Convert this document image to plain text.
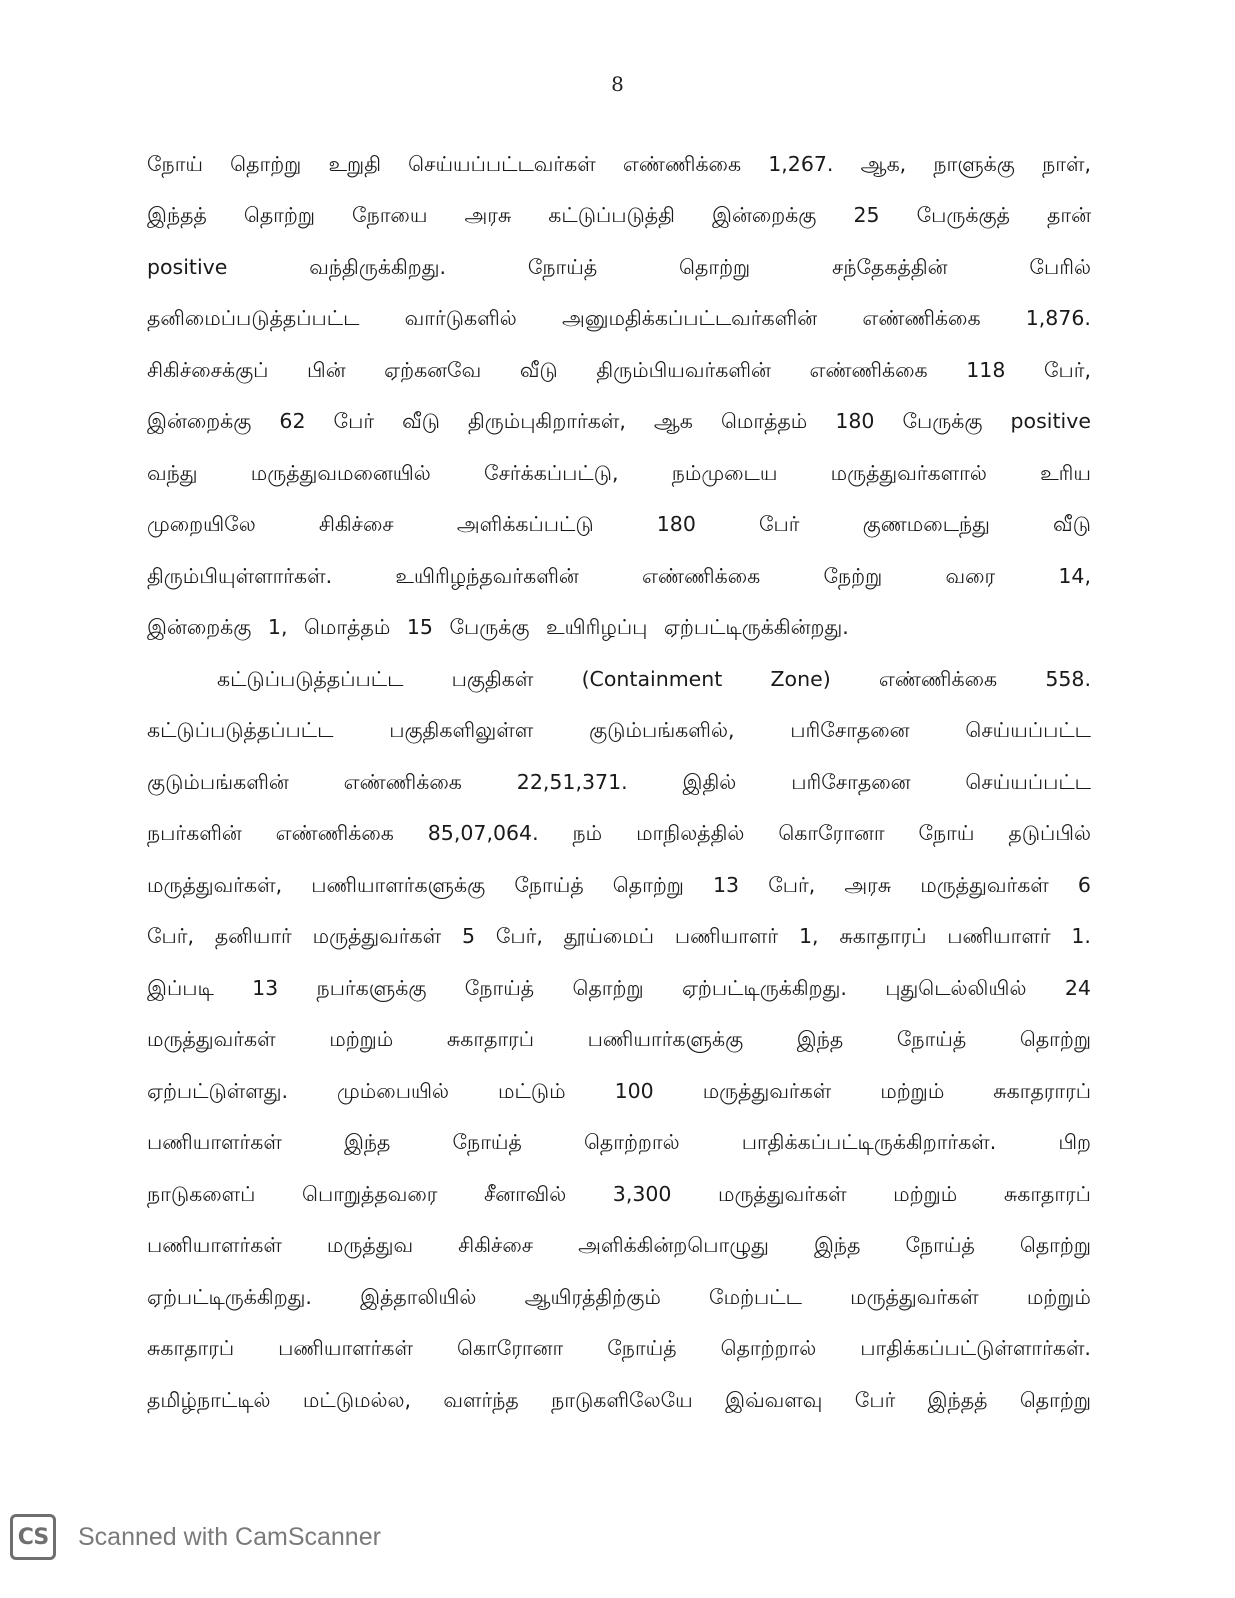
8
நோய் தொற்று உறுதி செய்யப்பட்டவர்கள் எண்ணிக்கை 1,267. ஆக, நாளுக்கு நாள்,
இந்தத் தொற்று நோயை அரசு கட்டுப்படுத்தி இன்றைக்கு 25 பேருக்குத் தான்
positive	வந்திருக்கிறது.	நோய்த்	தொற்று	சந்தேகத்தின்	பேரில்
தனிமைப்படுத்தப்பட்ட வார்டுகளில் அனுமதிக்கப்பட்டவர்களின் எண்ணிக்கை 1,876.
சிகிச்சைக்குப் பின் ஏற்கனவே வீடு திரும்பியவர்களின் எண்ணிக்கை 118 பேர்,
இன்றைக்கு 62 பேர் வீடு திரும்புகிறார்கள், ஆக மொத்தம் 180 பேருக்கு positive
வந்து	மருத்துவமனையில்	சேர்க்கப்பட்டு,	நம்முடைய	மருத்துவர்களால்	உரிய
முறையிலே	சிகிச்சை	அளிக்கப்பட்டு	180	பேர்	குணமடைந்து	வீடு
திரும்பியுள்ளார்கள்.	உயிரிழந்தவர்களின்	எண்ணிக்கை	நேற்று	வரை	14,
இன்றைக்கு 1, மொத்தம் 15 பேருக்கு உயிரிழப்பு ஏற்பட்டிருக்கின்றது.
கட்டுப்படுத்தப்பட்ட பகுதிகள் (Containment Zone) எண்ணிக்கை 558.
கட்டுப்படுத்தப்பட்ட	பகுதிகளிலுள்ள	குடும்பங்களில்,	பரிசோதனை	செய்யப்பட்ட
குடும்பங்களின்	எண்ணிக்கை	22,51,371.	இதில்	பரிசோதனை	செய்யப்பட்ட
நபர்களின் எண்ணிக்கை 85,07,064. நம் மாநிலத்தில் கொரோனா நோய் தடுப்பில்
மருத்துவர்கள், பணியாளர்களுக்கு நோய்த் தொற்று 13 பேர், அரசு மருத்துவர்கள் 6
பேர், தனியார் மருத்துவர்கள் 5 பேர், தூய்மைப் பணியாளர் 1, சுகாதாரப் பணியாளர் 1.
இப்படி 13 நபர்களுக்கு நோய்த் தொற்று ஏற்பட்டிருக்கிறது. புதுடெல்லியில் 24
மருத்துவர்கள்	மற்றும்	சுகாதாரப்	பணியார்களுக்கு	இந்த	நோய்த்	தொற்று
ஏற்பட்டுள்ளது. மும்பையில் மட்டும் 100 மருத்துவர்கள் மற்றும் சுகாதராரப்
பணியாளர்கள்	இந்த	நோய்த்	தொற்றால்	பாதிக்கப்பட்டிருக்கிறார்கள்.	பிற
நாடுகளைப் பொறுத்தவரை சீனாவில் 3,300 மருத்துவர்கள் மற்றும் சுகாதாரப்
பணியாளர்கள் மருத்துவ சிகிச்சை அளிக்கின்றபொழுது இந்த நோய்த் தொற்று
ஏற்பட்டிருக்கிறது. இத்தாலியில் ஆயிரத்திற்கும் மேற்பட்ட மருத்துவர்கள் மற்றும்
சுகாதாரப் பணியாளர்கள் கொரோனா நோய்த் தொற்றால் பாதிக்கப்பட்டுள்ளார்கள்.
தமிழ்நாட்டில் மட்டுமல்ல, வளர்ந்த நாடுகளிலேயே இவ்வளவு பேர் இந்தத் தொற்று
CS	Scanned with CamScanner
